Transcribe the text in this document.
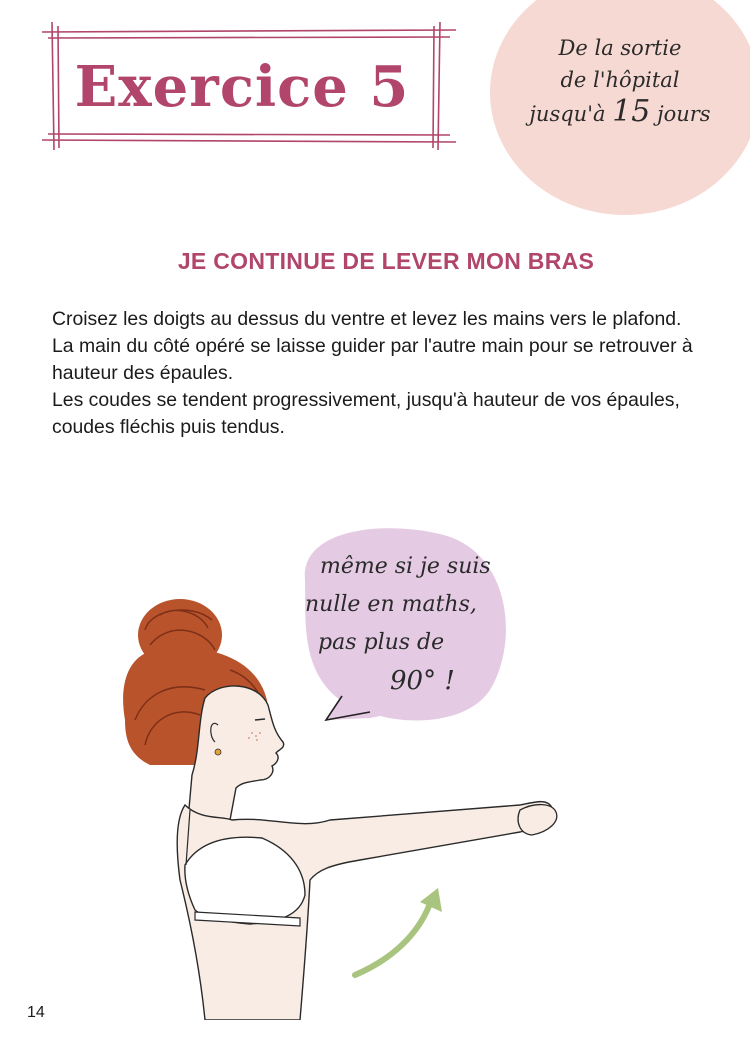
Exercice 5
De la sortie
de l'hôpital
jusqu'à 15 jours
JE CONTINUE DE LEVER MON BRAS

Croisez les doigts au dessus du ventre et levez les mains vers le plafond.

La main du côté opéré se laisse guider par l'autre main pour se retrouver à hauteur des épaules.

Les coudes se tendent progressivement, jusqu'à hauteur de vos épaules, coudes fléchis puis tendus.

même si je suis
nulle en maths,
pas plus de
90° !
14
